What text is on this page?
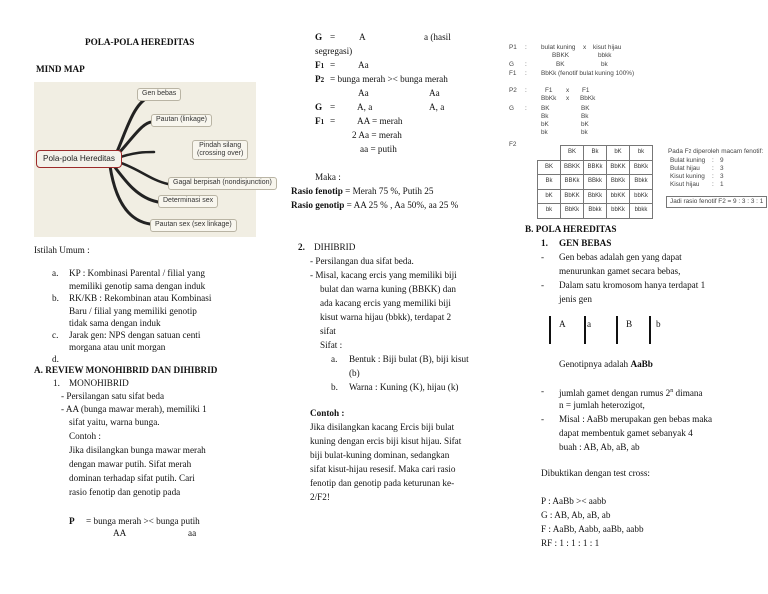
POLA-POLA HEREDITAS
MIND MAP
Pola-pola Hereditas
Gen bebas
Pautan (linkage)
Pindah silang
(crossing over)
Gagal berpisah (nondisjunction)
Determinasi sex
Pautan sex (sex linkage)
Istilah Umum :
a. KP : Kombinasi Parental / filial yang
memiliki genotip sama dengan induk
b. RK/KB : Rekombinan atau Kombinasi
Baru / filial yang memiliki genotip
tidak sama dengan induk
c. Jarak gen: NPS dengan satuan centi
morgana atau unit morgan
d.
A. REVIEW MONOHIBRID DAN DIHIBRID
1. MONOHIBRID
- Persilangan satu sifat beda
- AA (bunga mawar merah), memiliki 1
sifat yaitu, warna bunga.
Contoh :
Jika disilangkan bunga mawar merah
dengan mawar putih. Sifat merah
dominan terhadap sifat putih. Cari
rasio fenotip dan genotip pada
P = bunga merah >< bunga putih
AA	aa
G =	A	a (hasil
segregasi)
F1 = Aa
P2 = bunga merah >< bunga merah
Aa	Aa
G = A, a	A, a
F1 = AA = merah
2 Aa = merah
aa = putih
Maka :
Rasio fenotip = Merah 75 %, Putih 25
Rasio genotip = AA 25 % , Aa 50%, aa 25 %
2. DIHIBRID
- Persilangan dua sifat beda.
- Misal, kacang ercis yang memiliki biji
bulat dan warna kuning (BBKK) dan
ada kacang ercis yang memiliki biji
kisut warna hijau (bbkk), terdapat 2
sifat
Sifat :
a. Bentuk : Biji bulat (B), biji kisut
(b)
b. Warna : Kuning (K), hijau (k)
Contoh :
Jika disilangkan kacang Ercis biji bulat
kuning dengan ercis biji kisut hijau. Sifat
biji bulat-kuning dominan, sedangkan
sifat kisut-hijau resesif. Maka cari rasio
fenotip dan genotip pada keturunan ke-
2/F2!
P1 : bulat kuning x kisut hijau
BBKK	bbkk
G :	BK	bk
F1 : BbKk (fenotif bulat kuning 100%)
P2 :	F1 x F1
BbKk x BbKk
G : BK
Bk
bK
bk
BK
Bk
bK
bk
F2
	BK	Bk	bK	bk
BK	BBKK	BBKk	BbKK	BbKk
Bk	BBKk	BBkk	BbKk	Bbkk
bK	BbKK	BbKk	bbKK	bbKk
bk	BbKk	Bbkk	bbKk	bbkk
Pada F2 diperoleh macam fenotif:
Bulat kuning : 9
Bulat hijau : 3
Kisut kuning : 3
Kisut hijau : 1
Jadi rasio fenotif F2 = 9 : 3 : 3 : 1
B. POLA HEREDITAS
1. GEN BEBAS
- Gen bebas adalah gen yang dapat
menurunkan gamet secara bebas,
- Dalam satu kromosom hanya terdapat 1
jenis gen
A a	B	b
Genotipnya adalah AaBb
- jumlah gamet dengan rumus 2$^n$ dimana
n = jumlah heterozigot,
- Misal : AaBb merupakan gen bebas maka
dapat membentuk gamet sebanyak 4
buah : AB, Ab, aB, ab
Dibuktikan dengan test cross:
P : AaBb >< aabb
G : AB, Ab, aB, ab
F : AaBb, Aabb, aaBb, aabb
RF : 1 : 1 : 1 : 1
